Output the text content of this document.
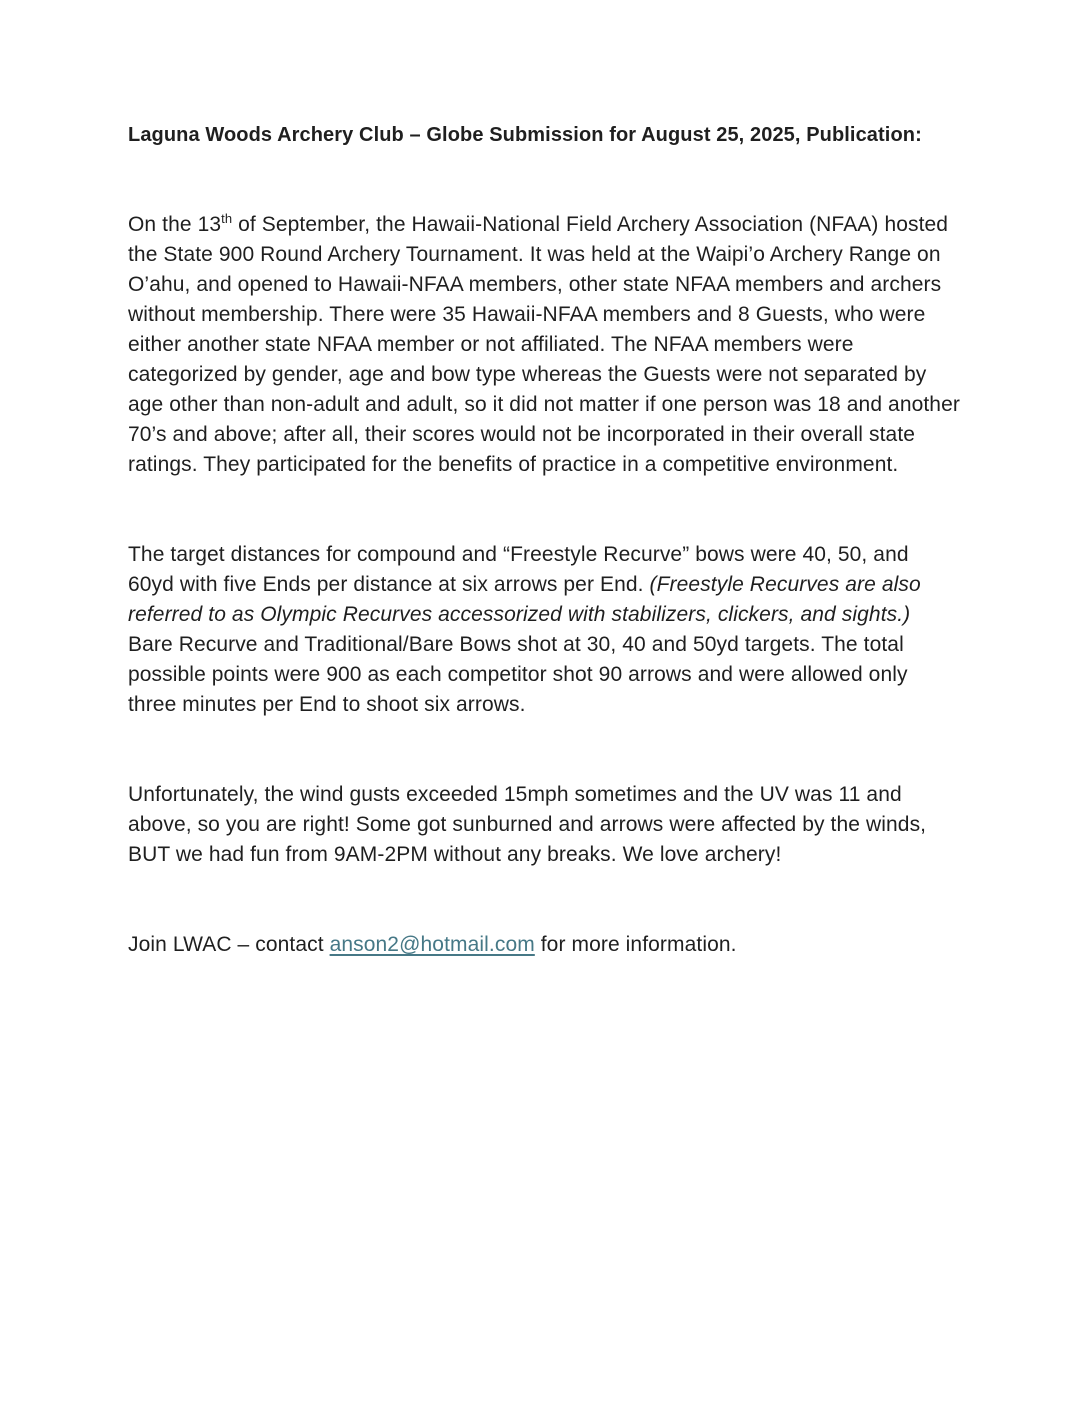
Laguna Woods Archery Club – Globe Submission for August 25, 2025, Publication:

On the 13th of September, the Hawaii-National Field Archery Association (NFAA) hosted the State 900 Round Archery Tournament. It was held at the Waipi’o Archery Range on O’ahu, and opened to Hawaii-NFAA members, other state NFAA members and archers without membership. There were 35 Hawaii-NFAA members and 8 Guests, who were either another state NFAA member or not affiliated. The NFAA members were categorized by gender, age and bow type whereas the Guests were not separated by age other than non-adult and adult, so it did not matter if one person was 18 and another 70’s and above; after all, their scores would not be incorporated in their overall state ratings. They participated for the benefits of practice in a competitive environment.

The target distances for compound and “Freestyle Recurve” bows were 40, 50, and 60yd with five Ends per distance at six arrows per End. (Freestyle Recurves are also referred to as Olympic Recurves accessorized with stabilizers, clickers, and sights.) Bare Recurve and Traditional/Bare Bows shot at 30, 40 and 50yd targets. The total possible points were 900 as each competitor shot 90 arrows and were allowed only three minutes per End to shoot six arrows.

Unfortunately, the wind gusts exceeded 15mph sometimes and the UV was 11 and above, so you are right! Some got sunburned and arrows were affected by the winds, BUT we had fun from 9AM-2PM without any breaks. We love archery!

Join LWAC – contact anson2@hotmail.com for more information.
